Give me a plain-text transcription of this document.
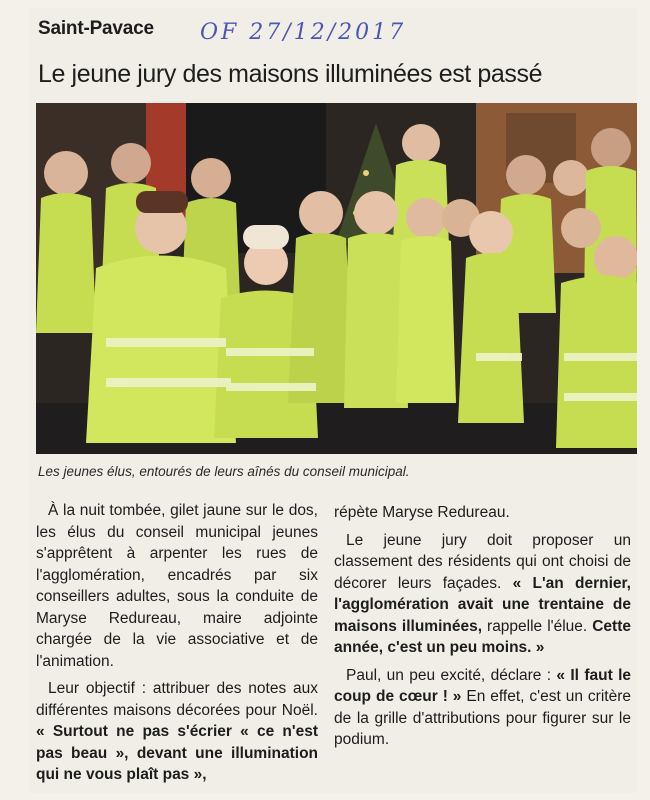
Saint-Pavace OF 27/12/2017
Le jeune jury des maisons illuminées est passé
Les jeunes élus, entourés de leurs aînés du conseil municipal.

À la nuit tombée, gilet jaune sur le dos, les élus du conseil municipal jeunes s'apprêtent à arpenter les rues de l'agglomération, encadrés par six conseillers adultes, sous la conduite de Maryse Redureau, maire adjointe chargée de la vie associative et de l'animation.

Leur objectif : attribuer des notes aux différentes maisons décorées pour Noël. « Surtout ne pas s'écrier « ce n'est pas beau », devant une illumination qui ne vous plaît pas »,

répète Maryse Redureau.

Le jeune jury doit proposer un classement des résidents qui ont choisi de décorer leurs façades. « L'an dernier, l'agglomération avait une trentaine de maisons illuminées, rappelle l'élue. Cette année, c'est un peu moins. »

Paul, un peu excité, déclare : « Il faut le coup de cœur ! » En effet, c'est un critère de la grille d'attributions pour figurer sur le podium.
